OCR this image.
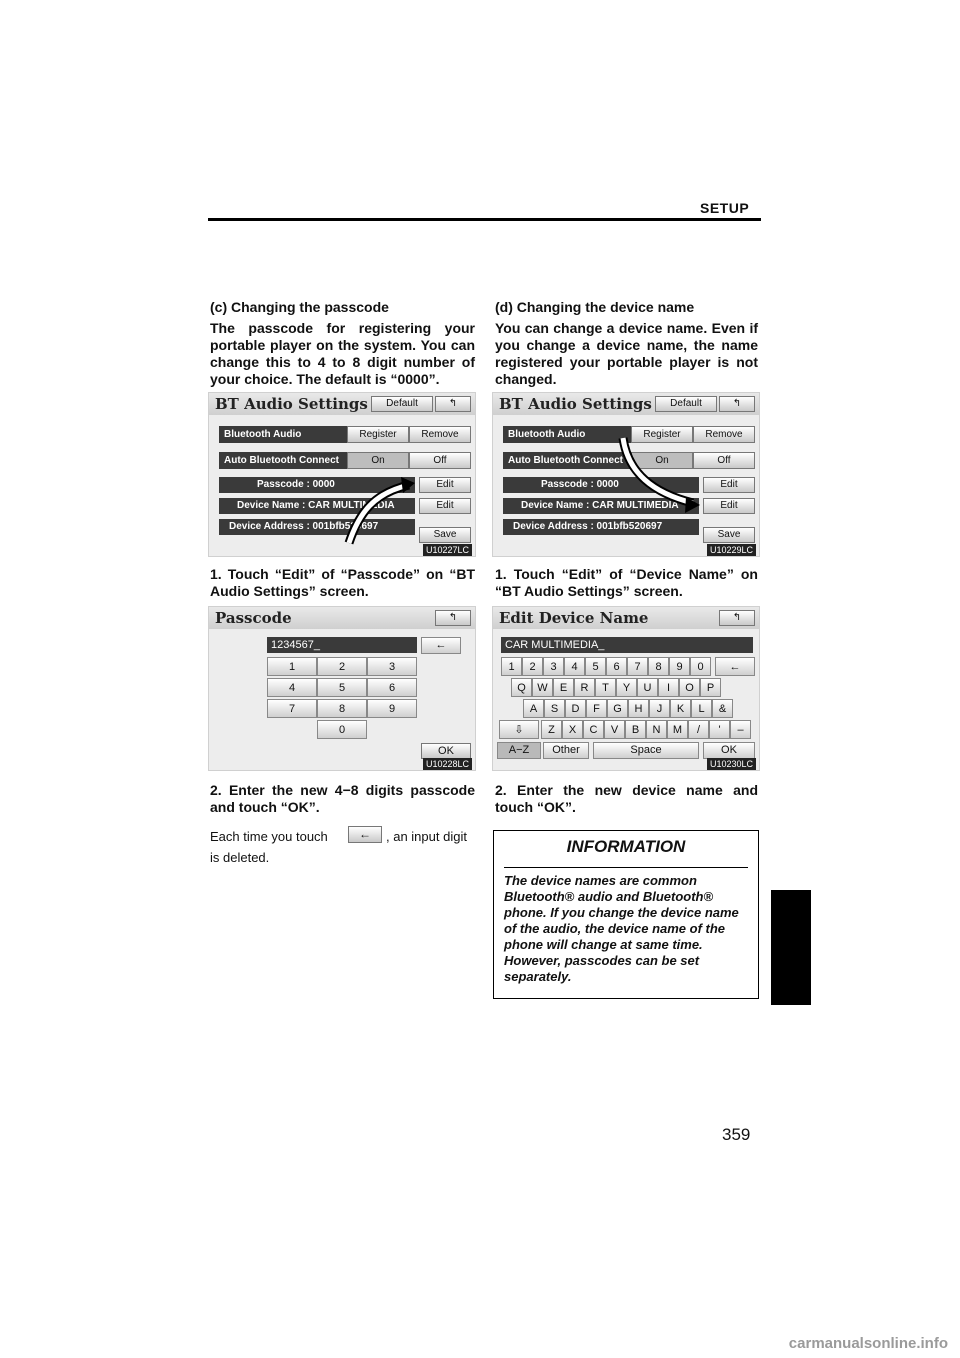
SETUP
(c) Changing the passcode
The passcode for registering your portable player on the system. You can change this to 4 to 8 digit number of your choice. The default is “0000”.
BT Audio Settings	Default	↰
Bluetooth Audio	Register	Remove
Auto Bluetooth Connect	On	Off
Passcode : 0000	Edit
Device Name : CAR MULTIMEDIA	Edit
Device Address : 001bfb520697
Save
U10227LC
1. Touch “Edit” of “Passcode” on “BT Audio Settings” screen.
Passcode	↰
1234567_	←
1	2	3
4	5	6
7	8	9
0
OK
U10228LC
2. Enter the new 4−8 digits passcode and touch “OK”.
Each time you touch	←	, an input digit
is deleted.
(d) Changing the device name
You can change a device name. Even if you change a device name, the name registered your portable player is not changed.
BT Audio Settings	Default	↰
Bluetooth Audio	Register	Remove
Auto Bluetooth Connect	On	Off
Passcode : 0000	Edit
Device Name : CAR MULTIMEDIA	Edit
Device Address : 001bfb520697
Save
U10229LC
1. Touch “Edit” of “Device Name” on “BT Audio Settings” screen.
Edit Device Name	↰
CAR MULTIMEDIA_
←
⇩
A−Z	Other	Space	OK
U10230LC
1	2	3	4	5	6	7	8	9	0
Q	W	E	R	T	Y	U	I	O	P
A	S	D	F	G	H	J	K	L	&
Z	X	C	V	B	N	M	/	'	–
2. Enter the new device name and touch “OK”.
INFORMATION
The device names are common Bluetooth® audio and Bluetooth® phone. If you change the device name of the audio, the device name of the phone will change at same time. However, passcodes can be set separately.
359
carmanualsonline.info
